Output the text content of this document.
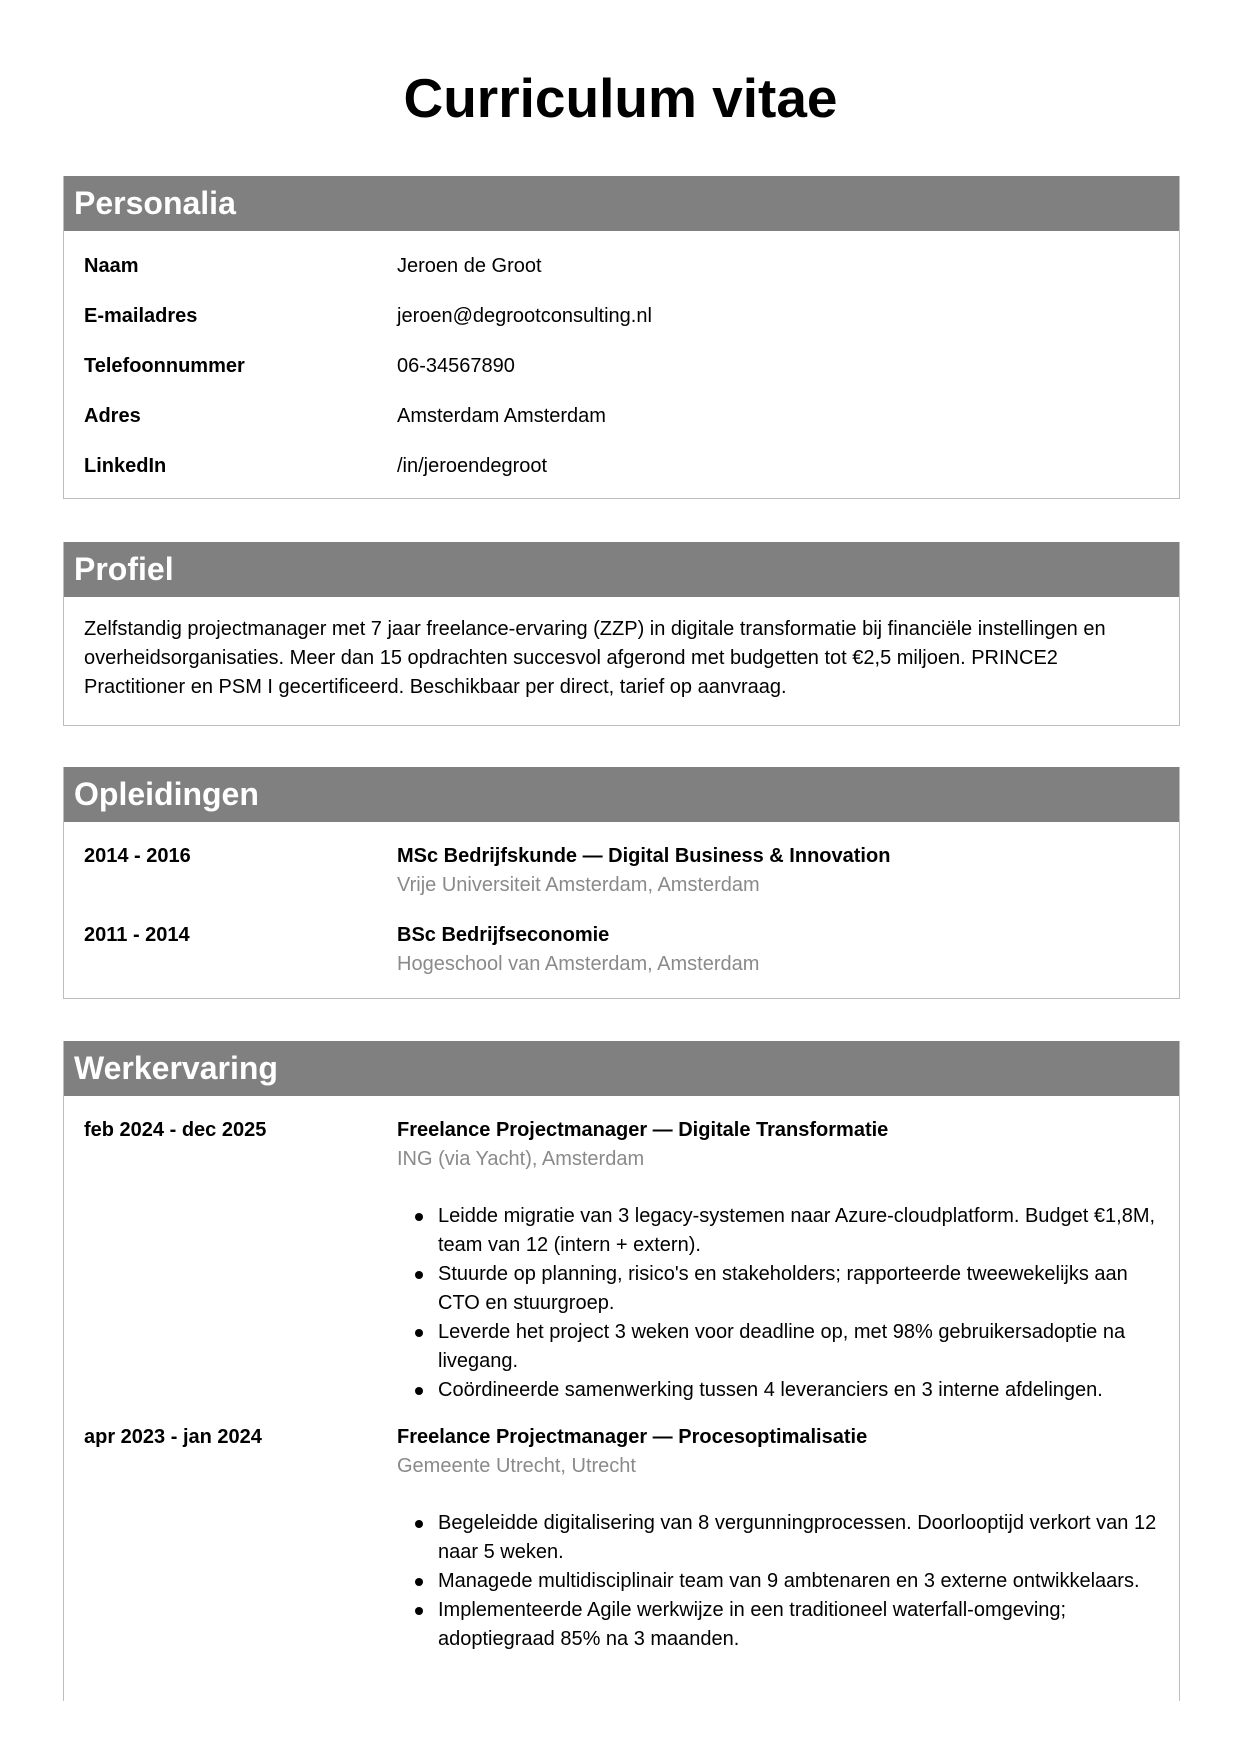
Curriculum vitae
Personalia
Naam	Jeroen de Groot
E-mailadres	jeroen@degrootconsulting.nl
Telefoonnummer	06-34567890
Adres	Amsterdam Amsterdam
LinkedIn	/in/jeroendegroot
Profiel

Zelfstandig projectmanager met 7 jaar freelance-ervaring (ZZP) in digitale transformatie bij financiële instellingen en overheidsorganisaties. Meer dan 15 opdrachten succesvol afgerond met budgetten tot €2,5 miljoen. PRINCE2 Practitioner en PSM I gecertificeerd. Beschikbaar per direct, tarief op aanvraag.

Opleidingen
2014 - 2016	MSc Bedrijfskunde — Digital Business & Innovation
Vrije Universiteit Amsterdam, Amsterdam
2011 - 2014	BSc Bedrijfseconomie
Hogeschool van Amsterdam, Amsterdam
Werkervaring
feb 2024 - dec 2025	Freelance Projectmanager — Digitale Transformatie
ING (via Yacht), Amsterdam
Leidde migratie van 3 legacy-systemen naar Azure-cloudplatform. Budget €1,8M, team van 12 (intern + extern).
Stuurde op planning, risico's en stakeholders; rapporteerde tweewekelijks aan CTO en stuurgroep.
Leverde het project 3 weken voor deadline op, met 98% gebruikersadoptie na livegang.
Coördineerde samenwerking tussen 4 leveranciers en 3 interne afdelingen.
apr 2023 - jan 2024	Freelance Projectmanager — Procesoptimalisatie
Gemeente Utrecht, Utrecht
Begeleidde digitalisering van 8 vergunningprocessen. Doorlooptijd verkort van 12 naar 5 weken.
Managede multidisciplinair team van 9 ambtenaren en 3 externe ontwikkelaars.
Implementeerde Agile werkwijze in een traditioneel waterfall-omgeving; adoptiegraad 85% na 3 maanden.
